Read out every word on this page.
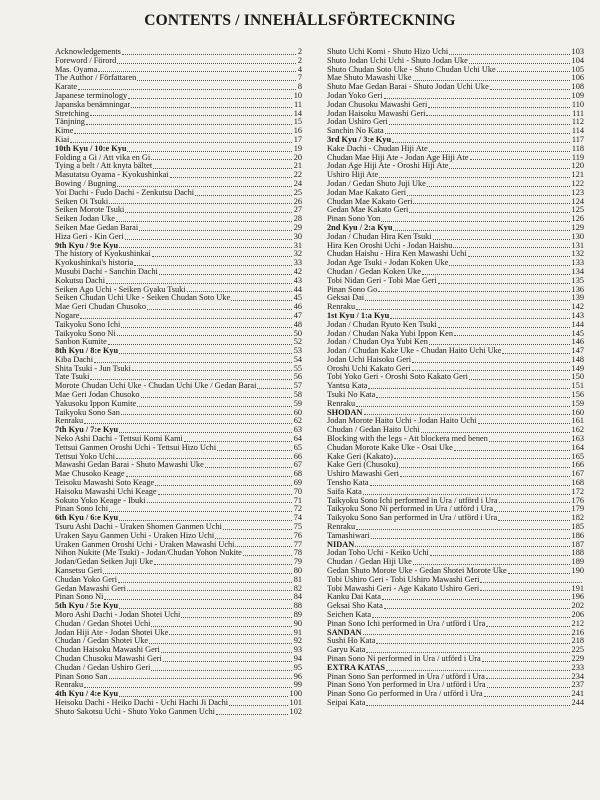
CONTENTS / INNEHÅLLSFÖRTECKNING
Acknowledgements	2
Foreword / Förord	2
Mas. Oyama	4
The Author / Författaren	7
Karate	8
Japanese terminology	10
Japanska benämningar	11
Stretching	14
Tänjning	15
Kime	16
Kiai	17
10th Kyu / 10:e Kyu	19
Folding a Gi / Att vika en Gi	20
Tying a belt / Att knyta bältet	21
Masutatsu Oyama - Kyokushinkai	22
Bowing / Bugning	24
Yoi Dachi - Fudo Dachi - Zenkutsu Dachi	25
Seiken Oi Tsuki	26
Seiken Morote Tsuki	27
Seiken Jodan Uke	28
Seiken Mae Gedan Barai	29
Hiza Geri - Kin Geri	30
9th Kyu / 9:e Kyu	31
The history of Kyokushinkai	32
Kyokushinkai's historia	33
Musubi Dachi - Sanchin Dachi	42
Kokutsu Dachi	43
Seiken Ago Uchi - Seiken Gyaku Tsuki	44
Seiken Chudan Uchi Uke - Seiken Chudan Soto Uke	45
Mae Geri Chudan Chusoko	46
Nogare	47
Taikyoku Sono Ichi	48
Taikyoku Sono Ni	50
Sanbon Kumite	52
8th Kyu / 8:e Kyu	53
Kiba Dachi	54
Shita Tsuki - Jun Tsuki	55
Tate Tsuki	56
Morote Chudan Uchi Uke - Chudan Uchi Uke / Gedan Barai	57
Mae Geri Jodan Chusoko	58
Yakusoku Ippon Kumite	59
Taikyoku Sono San	60
Renraku	62
7th Kyu / 7:e Kyu	63
Neko Ashi Dachi - Tettsui Komi Kami	64
Tettsui Ganmen Oroshi Uchi - Tettsui Hizo Uchi	65
Tettsui Yoko Uchi	66
Mawashi Gedan Barai - Shuto Mawashi Uke	67
Mae Chusoko Keage	68
Teisoku Mawashi Soto Keage	69
Haisoku Mawashi Uchi Keage	70
Sokuto Yoko Keage - Ibuki	71
Pinan Sono Ichi	72
6th Kyu / 6:e Kyu	74
Tsuru Ashi Dachi - Uraken Shomen Ganmen Uchi	75
Uraken Sayu Ganmen Uchi - Uraken Hizo Uchi	76
Uraken Ganmen Oroshi Uchi - Uraken Mawashi Uchi	77
Nihon Nukite (Me Tsuki) - Jodan/Chudan Yohon Nukite	78
Jodan/Gedan Seiken Juji Uke	79
Kansetsu Geri	80
Chudan Yoko Geri	81
Gedan Mawashi Geri	82
Pinan Sono Ni	84
5th Kyu / 5:e Kyu	88
Moro Ashi Dachi - Jodan Shotei Uchi	89
Chudan / Gedan Shotei Uchi	90
Jodan Hiji Ate - Jodan Shotei Uke	91
Chudan / Gedan Shotei Uke	92
Chudan Haisoku Mawashi Geri	93
Chudan Chusoku Mawashi Geri	94
Chudan / Gedan Ushiro Geri	95
Pinan Sono San	96
Renraku	99
4th Kyu / 4:e Kyu	100
Heisoku Dachi - Heiko Dachi - Uchi Hachi Ji Dachi	101
Shuto Sakotsu Uchi - Shuto Yoko Ganmen Uchi	102
Shuto Uchi Komi - Shuto Hizo Uchi	103
Shuto Jodan Uchi Uchi - Shuto Jodan Uke	104
Shuto Chudan Soto Uke - Shuto Chudan Uchi Uke	105
Mae Shuto Mawashi Uke	106
Shuto Mae Gedan Barai - Shuto Jodan Uchi Uke	108
Jodan Yoko Geri	109
Jodan Chusoku Mawashi Geri	110
Jodan Haisoku Mawashi Geri	111
Jodan Ushiro Geri	112
Sanchin No Kata	114
3rd Kyu / 3:e Kyu	117
Kake Dachi - Chudan Hiji Ate	118
Chudan Mae Hiji Ate - Jodan Age Hiji Ate	119
Jodan Age Hiji Ate - Oroshi Hiji Ate	120
Ushiro Hiji Ate	121
Jodan / Gedan Shuto Juji Uke	122
Jodan Mae Kakato Geri	123
Chudan Mae Kakato Geri	124
Gedan Mae Kakato Geri	125
Pinan Sono Yon	126
2nd Kyu / 2:a Kyu	129
Jodan / Chudan Hira Ken Tsuki	130
Hira Ken Oroshi Uchi - Jodan Haishu	131
Chudan Haishu - Hira Ken Mawashi Uchi	132
Jodan Age Tsuki - Jodan Koken Uke	133
Chudan / Gedan Koken Uke	134
Tobi Nidan Geri - Tobi Mae Geri	135
Pinan Sono Go	136
Geksai Dai	139
Renraku	142
1st Kyu / 1:a Kyu	143
Jodan / Chudan Ryuto Ken Tsuki	144
Jodan / Chudan Naka Yubi Ippon Ken	145
Jodan / Chudan Oya Yubi Ken	146
Jodan / Chudan Kake Uke - Chudan Haito Uchi Uke	147
Jodan Uchi Haisoku Geri	148
Oroshi Uchi Kakato Geri	149
Tobi Yoko Geri - Oroshi Soto Kakato Geri	150
Yantsu Kata	151
Tsuki No Kata	156
Renraku	159
SHODAN	160
Jodan Morote Haito Uchi - Jodan Haito Uchi	161
Chudan / Gedan Haito Uchi	162
Blocking with the legs - Att blockera med benen	163
Chudan Morote Kake Uke - Osai Uke	164
Kake Geri (Kakato)	165
Kake Geri (Chusoku)	166
Ushiro Mawashi Geri	167
Tensho Kata	168
Saifa Kata	172
Taikyoku Sono Ichi performed in Ura / utförd i Ura	176
Taikyoku Sono Ni performed in Ura / utförd i Ura	179
Taikyoku Sono San performed in Ura / utförd i Ura	182
Renraku	185
Tamashiwari	186
NIDAN	187
Jodan Toho Uchi - Keiko Uchi	188
Chudan / Gedan Hiji Uke	189
Gedan Shuto Morote Uke - Gedan Shotei Morote Uke	190
Tobi Ushiro Geri - Tobi Ushiro Mawashi Geri
Tobi Mawashi Geri - Age Kakato Ushiro Geri	191
Kanku Dai Kata	196
Geksai Sho Kata	202
Seichen Kata	206
Pinan Sono Ichi performed in Ura / utförd i Ura	212
SANDAN	216
Sushi Ho Kata	218
Garyu Kata	225
Pinan Sono Ni performed in Ura / utförd i Ura	229
EXTRA KATAS	233
Pinan Sono San performed in Ura / utförd i Ura	234
Pinan Sono Yon performed in Ura / utförd i Ura	237
Pinan Sono Go performed in Ura / utförd i Ura	241
Seipai Kata	244
